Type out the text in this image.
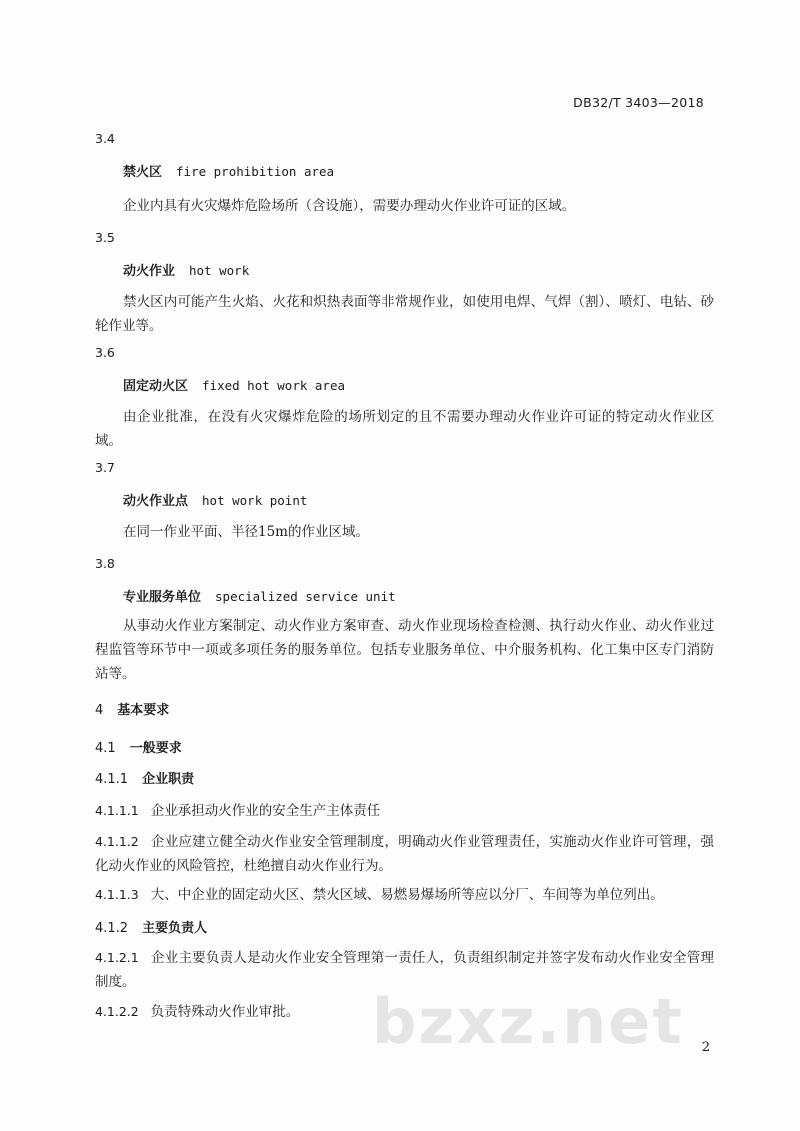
DB32/T 3403—2018
3.4
禁火区 fire prohibition area
企业内具有火灾爆炸危险场所（含设施），需要办理动火作业许可证的区域。
3.5
动火作业 hot work
禁火区内可能产生火焰、火花和炽热表面等非常规作业，如使用电焊、气焊（割）、喷灯、电钻、砂轮作业等。
3.6
固定动火区 fixed hot work area
由企业批准，在没有火灾爆炸危险的场所划定的且不需要办理动火作业许可证的特定动火作业区域。
3.7
动火作业点 hot work point
在同一作业平面、半径15m的作业区域。
3.8
专业服务单位 specialized service unit
从事动火作业方案制定、动火作业方案审查、动火作业现场检查检测、执行动火作业、动火作业过程监管等环节中一项或多项任务的服务单位。包括专业服务单位、中介服务机构、化工集中区专门消防站等。
4 基本要求
4.1 一般要求
4.1.1 企业职责
4.1.1.1 企业承担动火作业的安全生产主体责任
4.1.1.2 企业应建立健全动火作业安全管理制度，明确动火作业管理责任，实施动火作业许可管理，强化动火作业的风险管控，杜绝擅自动火作业行为。
4.1.1.3 大、中企业的固定动火区、禁火区域、易燃易爆场所等应以分厂、车间等为单位列出。
4.1.2 主要负责人
4.1.2.1 企业主要负责人是动火作业安全管理第一责任人，负责组织制定并签字发布动火作业安全管理制度。
4.1.2.2 负责特殊动火作业审批。	bzxz.net 2
